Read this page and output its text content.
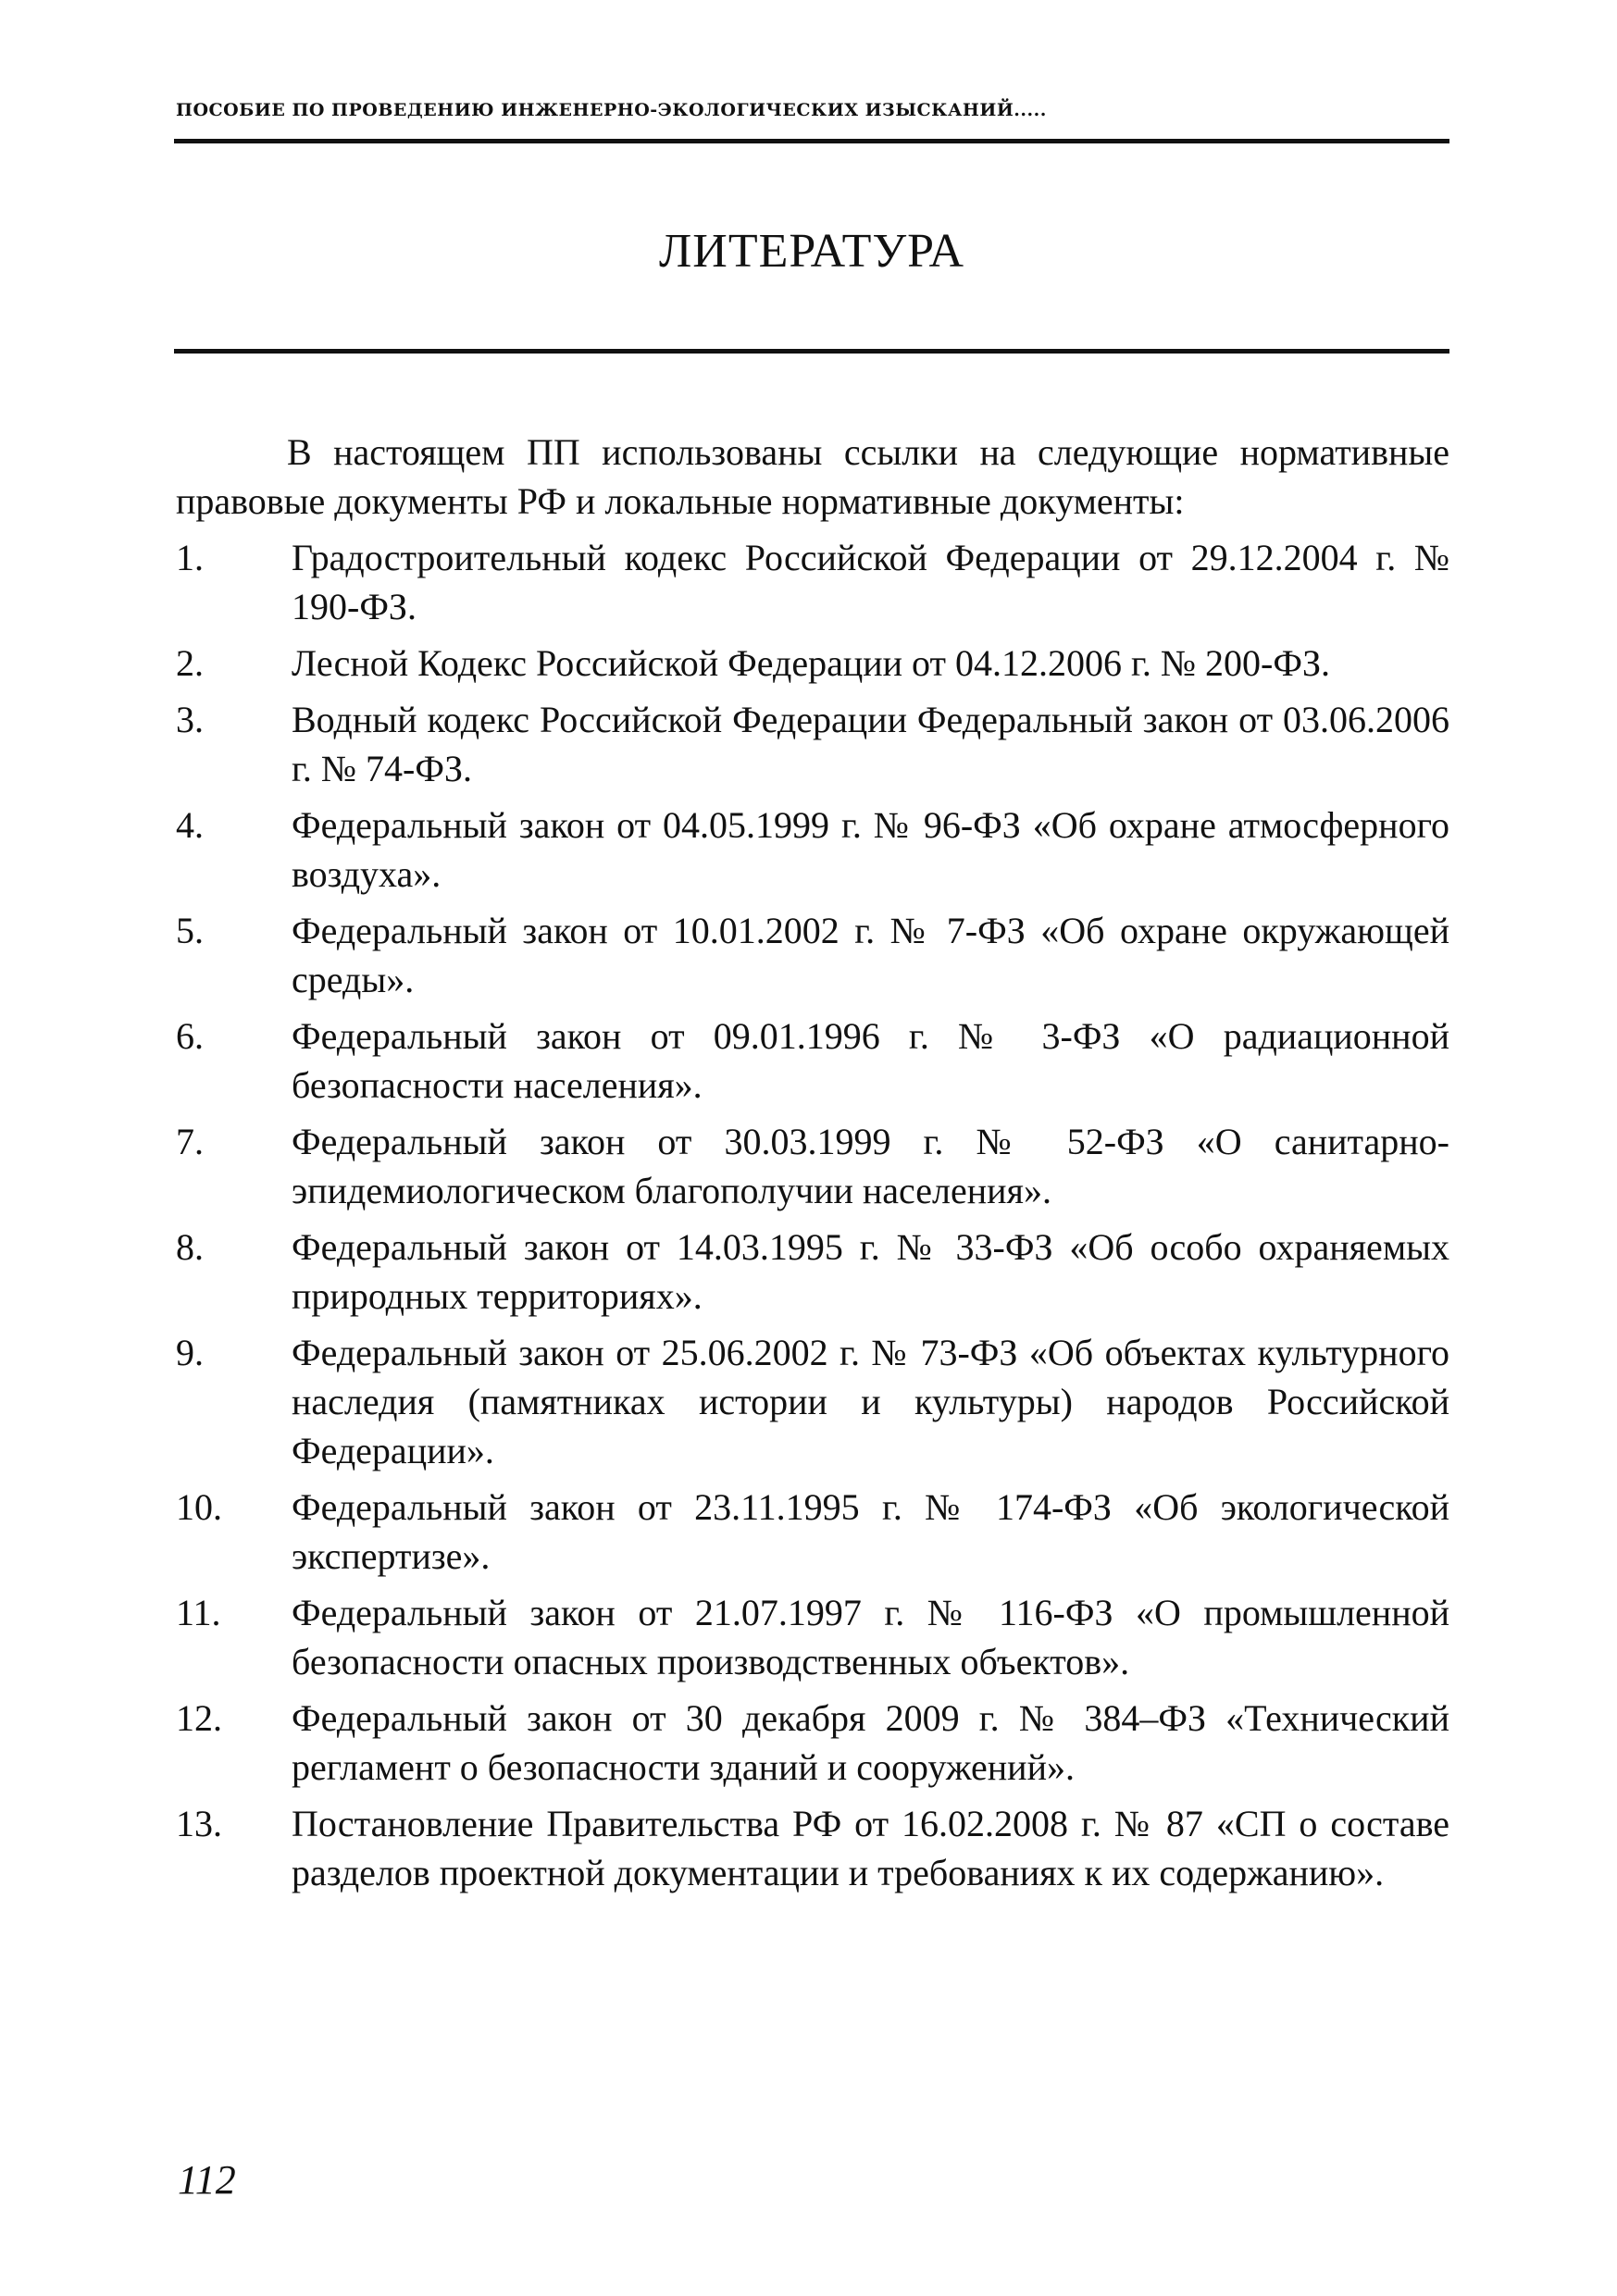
ПОСОБИЕ ПО ПРОВЕДЕНИЮ ИНЖЕНЕРНО-ЭКОЛОГИЧЕСКИХ ИЗЫСКАНИЙ.....
ЛИТЕРАТУРА

В настоящем ПП использованы ссылки на следующие нормативные правовые документы РФ и локальные нормативные документы:

1. Градостроительный кодекс Российской Федерации от 29.12.2004 г. № 190-ФЗ.
2. Лесной Кодекс Российской Федерации от 04.12.2006 г. № 200-ФЗ.
3. Водный кодекс Российской Федерации Федеральный закон от 03.06.2006 г. № 74-ФЗ.
4. Федеральный закон от 04.05.1999 г. № 96-ФЗ «Об охране атмосферного воздуха».
5. Федеральный закон от 10.01.2002 г. № 7-ФЗ «Об охране окружающей среды».
6. Федеральный закон от 09.01.1996 г. № 3-ФЗ «О радиационной безопасности населения».
7. Федеральный закон от 30.03.1999 г. № 52-ФЗ «О санитарно-эпидемиологическом благополучии населения».
8. Федеральный закон от 14.03.1995 г. № 33-ФЗ «Об особо охраняемых природных территориях».
9. Федеральный закон от 25.06.2002 г. № 73-ФЗ «Об объектах культурного наследия (памятниках истории и культуры) народов Российской Федерации».
10. Федеральный закон от 23.11.1995 г. № 174-ФЗ «Об экологической экспертизе».
11. Федеральный закон от 21.07.1997 г. № 116-ФЗ «О промышленной безопасности опасных производственных объектов».
12. Федеральный закон от 30 декабря 2009 г. № 384–ФЗ «Технический регламент о безопасности зданий и сооружений».
13. Постановление Правительства РФ от 16.02.2008 г. № 87 «СП о составе разделов проектной документации и требованиях к их содержанию».
112
